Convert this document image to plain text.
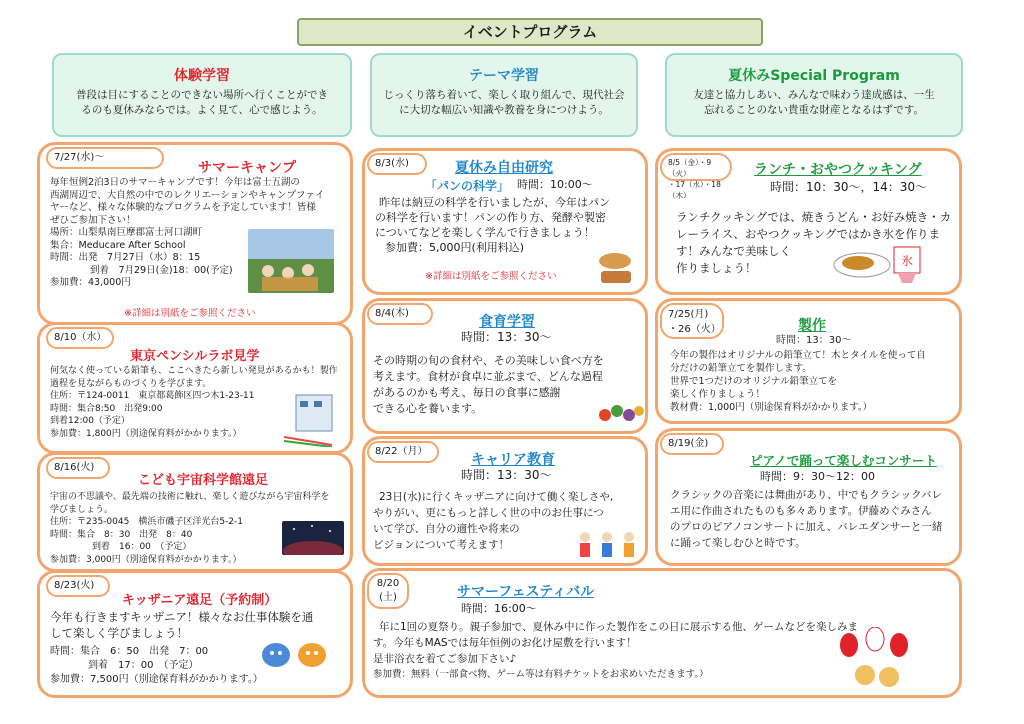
イベントプログラム
体験学習
普段は目にすることのできない場所へ行くことができ
るのも夏休みならでは。よく見て、心で感じよう。
テーマ学習
じっくり落ち着いて、楽しく取り組んで、現代社会
に大切な幅広い知識や教養を身につけよう。
夏休みSpecial Program
友達と協力しあい、みんなで味わう達成感は、一生
忘れることのない貴重な財産となるはずです。
7/27(水)～
サマーキャンプ
毎年恒例2泊3日のサマーキャンプです！今年は富士五湖の
西湖周辺で、大自然の中でのレクリエーションやキャンプファイ
ヤーなど、様々な体験的なプログラムを予定しています！皆様
ぜひご参加下さい！
場所：山梨県南巨摩郡富士河口湖町
集合：Meducare After School
時間：出発　7月27日（水）8：15
到着　7月29日(金)18：00(予定)
参加費：43,000円
※詳細は別紙をご参照ください
8/10（水）
東京ペンシルラボ見学
何気なく使っている鉛筆も、ここへきたら新しい発見があるかも！製作
過程を見ながらものづくりを学びます。
住所：〒124-0011　東京都葛飾区四つ木1-23-11
時間：集合8:50　出発9:00
到着12:00（予定）
参加費：1,800円（別途保育料がかかります。）
8/16(火)
こども宇宙科学館遠足
宇宙の不思議や、最先端の技術に触れ、楽しく遊びながら宇宙科学を
学びましょう。
住所：〒235-0045　横浜市磯子区洋光台5-2-1
時間：集合　8：30　出発　8：40
到着　16：00　（予定）
参加費：3,000円（別途保育料がかかります。）
8/23(火)
キッザニア遠足（予約制）
今年も行きますキッザニア！様々なお仕事体験を通
して楽しく学びましょう！
時間：集合　6：50　出発　7：00
到着　17：00　（予定）
参加費：7,500円（別途保育料がかかります。）
8/3(水)	夏休み自由研究
「パンの科学」 時間：10:00～
昨年は納豆の科学を行いましたが、今年はパン
の科学を行います！パンの作り方、発酵や製密
についてなどを楽しく学んで行きましょう！
参加費：5,000円(利用料込)
※詳細は別紙をご参照ください
8/4(木)
食育学習
時間：13：30～
その時期の旬の食材や、その美味しい食べ方を
考えます。食材が食卓に並ぶまで、どんな過程
があるのかも考え、毎日の食事に感謝
できる心を養います。
8/22（月）
キャリア教育
時間：13：30～
23日(水)に行くキッザニアに向けて働く楽しさや,
やりがい、更にもっと詳しく世の中のお仕事につ
いて学び、自分の適性や将来の
ビジョンについて考えます！
8/20
(土)	サマーフェスティバル
時間：16:00～
年に1回の夏祭り。親子参加で、夏休み中に作った製作をこの日に展示する他、ゲームなどを楽しみま
す。今年もMASでは毎年恒例のお化け屋敷を行います！
是非浴衣を着てご参加下さい♪
参加費：無料（一部食べ物、ゲーム等は有料チケットをお求めいただきます。）
8/5（金）・9（火）
・17（水）・18（木）
ランチ・おやつクッキング
時間：10：30～，14：30～
ランチクッキングでは、焼きうどん・お好み焼き・カ
レーライス、おやつクッキングではかき氷を作りま
す！みんなで美味しく
作りましょう！	氷
7/25(月)
・26（火）	製作
時間：13：30～
今年の製作はオリジナルの鉛筆立て！木とタイルを使って自
分だけの鉛筆立てを製作します。
世界で1つだけのオリジナル鉛筆立てを
楽しく作りましょう！
教材費：1,000円（別途保育料がかかります。）
8/19(金)
ピアノで踊って楽しむコンサート
時間：9：30～12：00
クラシックの音楽には舞曲があり、中でもクラシックバレ
エ用に作曲されたものも多々あります。伊藤めぐみさん
のプロのピアノコンサートに加え、バレエダンサーと一緒
に踊って楽しむひと時です。
